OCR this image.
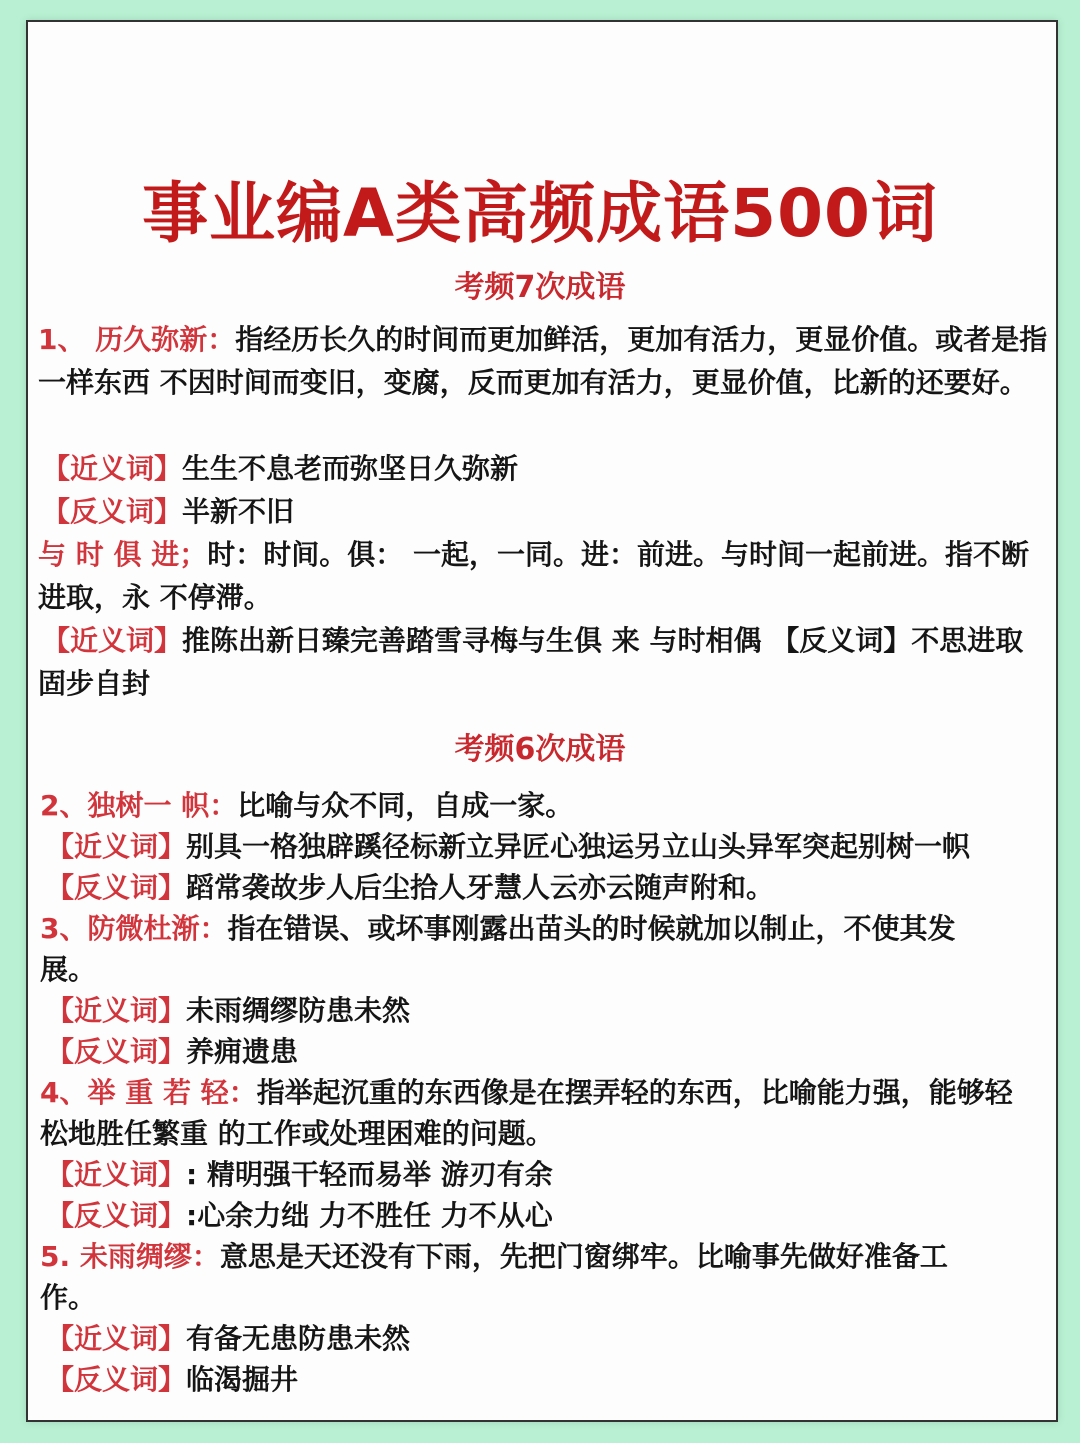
事业编A类高频成语500词
考频7次成语
1、 历久弥新：指经历长久的时间而更加鲜活，更加有活力，更显价值。或者是指一样东西 不因时间而变旧，变腐，反而更加有活力，更显价值，比新的还要好。
【近义词】生生不息老而弥坚日久弥新
【反义词】半新不旧
与 时 俱 进；时：时间。俱： 一起，一同。进：前进。与时间一起前进。指不断进取，永 不停滞。
【近义词】推陈出新日臻完善踏雪寻梅与生俱 来 与时相偶 【反义词】不思进取 固步自封
考频6次成语
2、独树一 帜：比喻与众不同，自成一家。
【近义词】别具一格独辟蹊径标新立异匠心独运另立山头异军突起别树一帜
【反义词】蹈常袭故步人后尘拾人牙慧人云亦云随声附和。
3、防微杜渐：指在错误、或坏事刚露出苗头的时候就加以制止，不使其发展。
【近义词】未雨绸缪防患未然
【反义词】养痈遗患
4、举 重 若 轻：指举起沉重的东西像是在摆弄轻的东西，比喻能力强，能够轻松地胜任繁重 的工作或处理困难的问题。
【近义词】: 精明强干轻而易举 游刃有余
【反义词】:心余力绌 力不胜任 力不从心
5. 未雨绸缪：意思是天还没有下雨，先把门窗绑牢。比喻事先做好准备工作。
【近义词】有备无患防患未然
【反义词】临渴掘井
